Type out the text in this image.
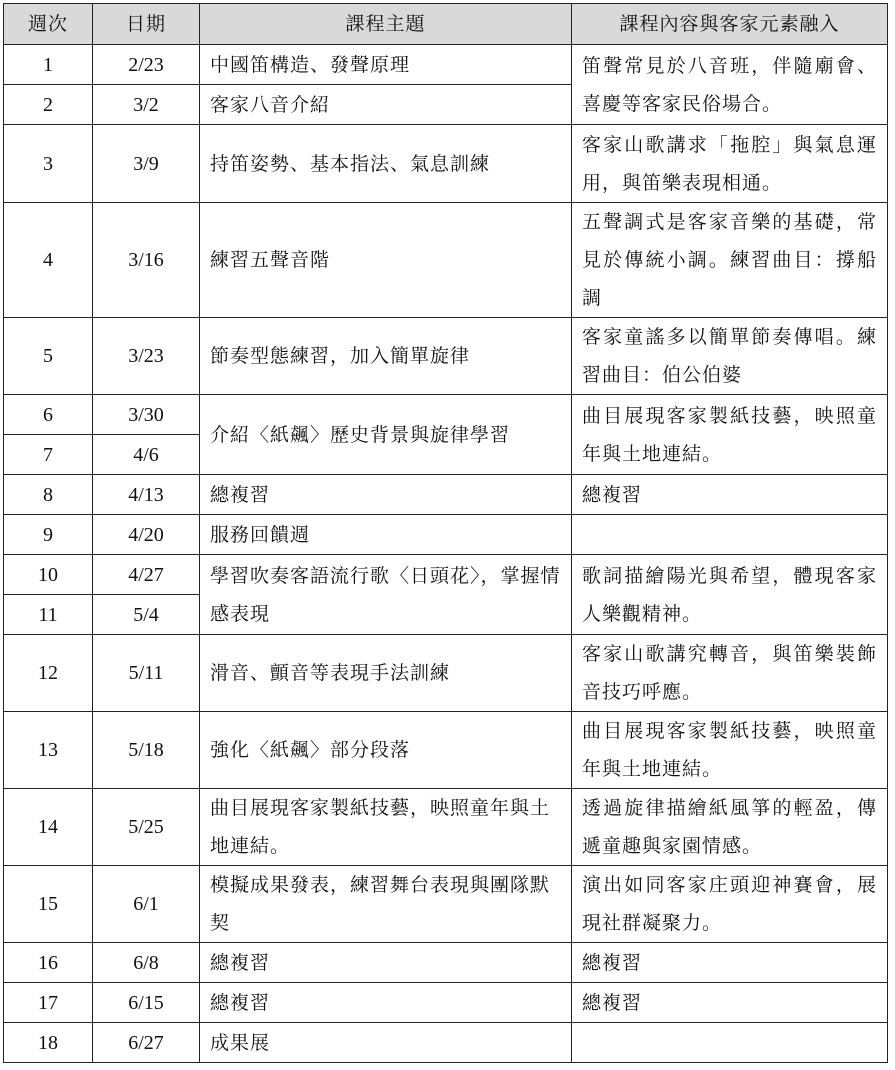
週次	日期	課程主題	課程內容與客家元素融入
1	2/23	中國笛構造、發聲原理	笛聲常見於八音班，伴隨廟會、喜慶等客家民俗場合。
2	3/2	客家八音介紹	
3	3/9	持笛姿勢、基本指法、氣息訓練	客家山歌講求「拖腔」與氣息運用，與笛樂表現相通。
4	3/16	練習五聲音階	五聲調式是客家音樂的基礎，常見於傳統小調。練習曲目：撐船調
5	3/23	節奏型態練習，加入簡單旋律	客家童謠多以簡單節奏傳唱。練習曲目：伯公伯婆
6	3/30	介紹〈紙飆〉歷史背景與旋律學習	曲目展現客家製紙技藝，映照童年與土地連結。
7	4/6		
8	4/13	總複習	總複習
9	4/20	服務回饋週	
10	4/27	學習吹奏客語流行歌〈日頭花〉，掌握情感表現	歌詞描繪陽光與希望，體現客家人樂觀精神。
11	5/4		
12	5/11	滑音、顫音等表現手法訓練	客家山歌講究轉音，與笛樂裝飾音技巧呼應。
13	5/18	強化〈紙飆〉部分段落	曲目展現客家製紙技藝，映照童年與土地連結。
14	5/25	曲目展現客家製紙技藝，映照童年與土地連結。	透過旋律描繪紙風箏的輕盈，傳遞童趣與家園情感。
15	6/1	模擬成果發表，練習舞台表現與團隊默契	演出如同客家庄頭迎神賽會，展現社群凝聚力。
16	6/8	總複習	總複習
17	6/15	總複習	總複習
18	6/27	成果展	
